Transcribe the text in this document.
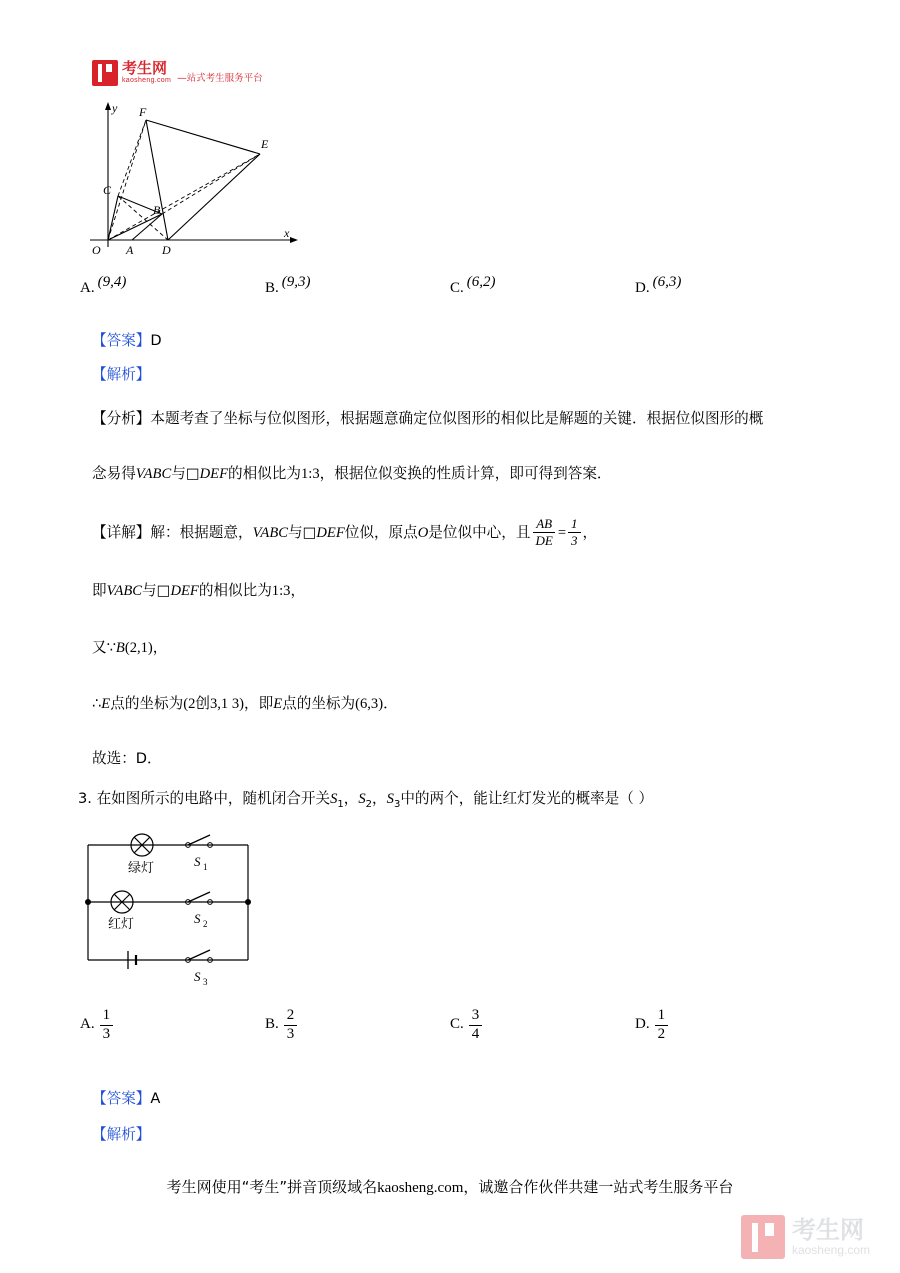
考生网
kaosheng.com —站式考生服务平台
y
x
O
F
E
C
B
A D
A. (9,4)	B. (9,3)	C. (6,2)	D. (6,3)
【答案】D
【解析】
【分析】本题考查了坐标与位似图形，根据题意确定位似图形的相似比是解题的关键．根据位似图形的概
念易得VABC与□DEF的相似比为1:3，根据位似变换的性质计算，即可得到答案．
【详解】解：根据题意，VABC与□DEF位似，原点O是位似中心，且 $\frac{AB}{DE} = \frac{1}{3}$ ，
即VABC与□DEF的相似比为1:3，
又∵B(2,1)，
∴E点的坐标为(2创3,1 3)，即E点的坐标为(6,3)．
故选：D．
3. 在如图所示的电路中，随机闭合开关$S_1$，$S_2$，$S_3$中的两个，能让红灯发光的概率是（ ）
绿灯
红灯
S 1
S 2
S 3
A. $\frac{1}{3}$	B. $\frac{2}{3}$	C. $\frac{3}{4}$	D. $\frac{1}{2}$
【答案】A
【解析】
考生网使用“考生”拼音顶级域名kaosheng.com，诚邀合作伙伴共建一站式考生服务平台
考生网
kaosheng.com
